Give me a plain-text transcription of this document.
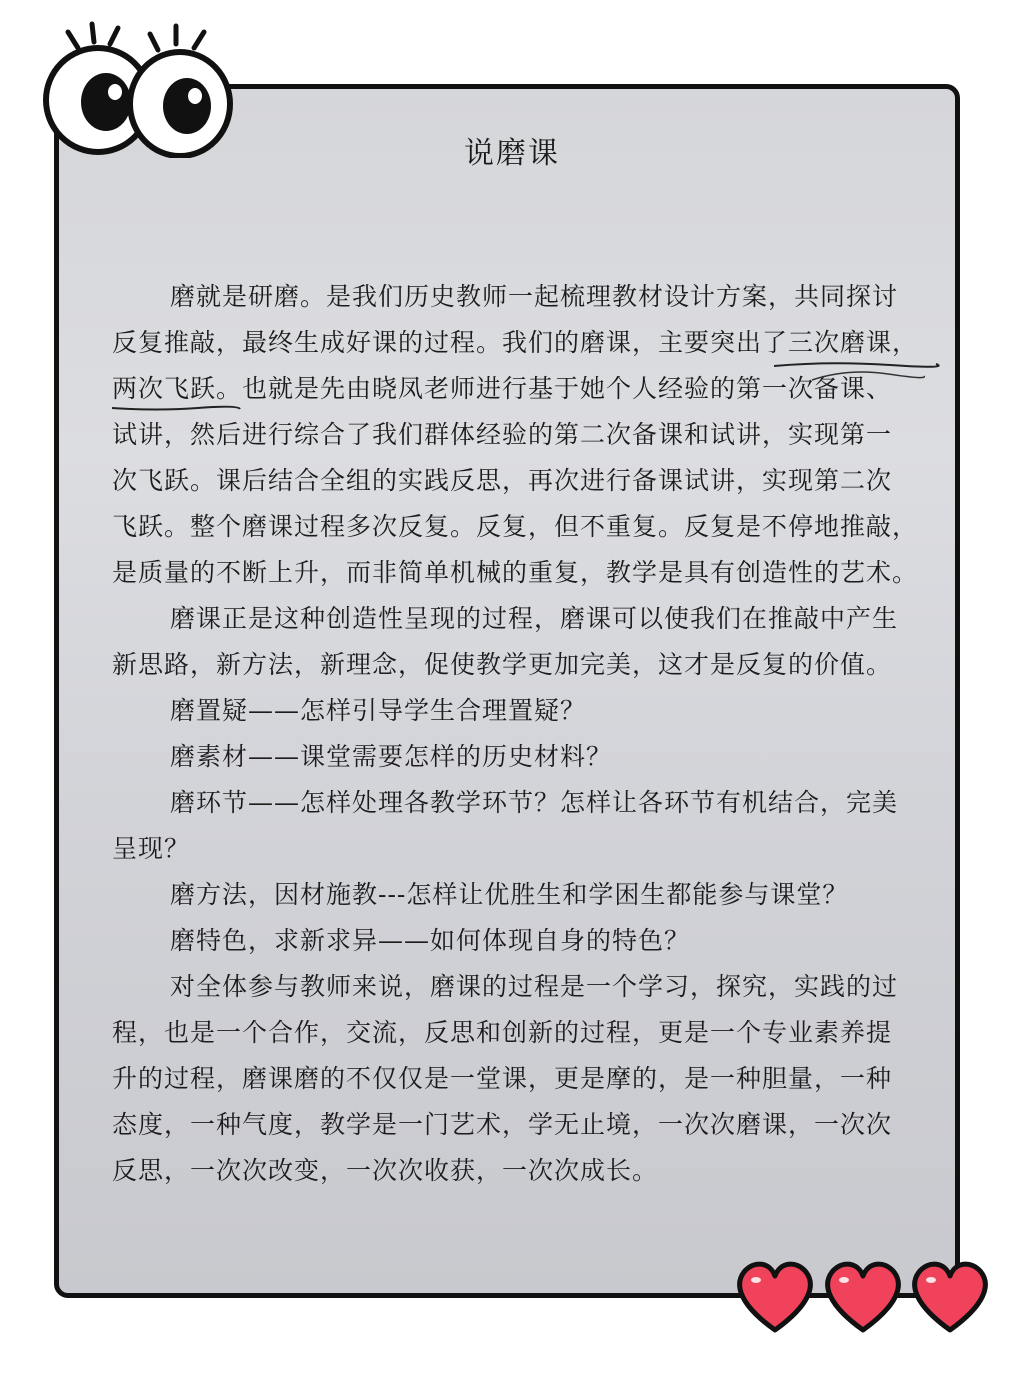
说磨课
磨就是研磨。是我们历史教师一起梳理教材设计方案，共同探讨
反复推敲，最终生成好课的过程。我们的磨课，主要突出了三次磨课，
两次飞跃。也就是先由晓凤老师进行基于她个人经验的第一次备课、
试讲，然后进行综合了我们群体经验的第二次备课和试讲，实现第一
次飞跃。课后结合全组的实践反思，再次进行备课试讲，实现第二次
飞跃。整个磨课过程多次反复。反复，但不重复。反复是不停地推敲，
是质量的不断上升，而非简单机械的重复，教学是具有创造性的艺术。
磨课正是这种创造性呈现的过程，磨课可以使我们在推敲中产生
新思路，新方法，新理念，促使教学更加完美，这才是反复的价值。
磨置疑——怎样引导学生合理置疑？
磨素材——课堂需要怎样的历史材料？
磨环节——怎样处理各教学环节？怎样让各环节有机结合，完美
呈现？
磨方法，因材施教---怎样让优胜生和学困生都能参与课堂？
磨特色，求新求异——如何体现自身的特色？
对全体参与教师来说，磨课的过程是一个学习，探究，实践的过
程，也是一个合作，交流，反思和创新的过程，更是一个专业素养提
升的过程，磨课磨的不仅仅是一堂课，更是摩的，是一种胆量，一种
态度，一种气度，教学是一门艺术，学无止境，一次次磨课，一次次
反思，一次次改变，一次次收获，一次次成长。
